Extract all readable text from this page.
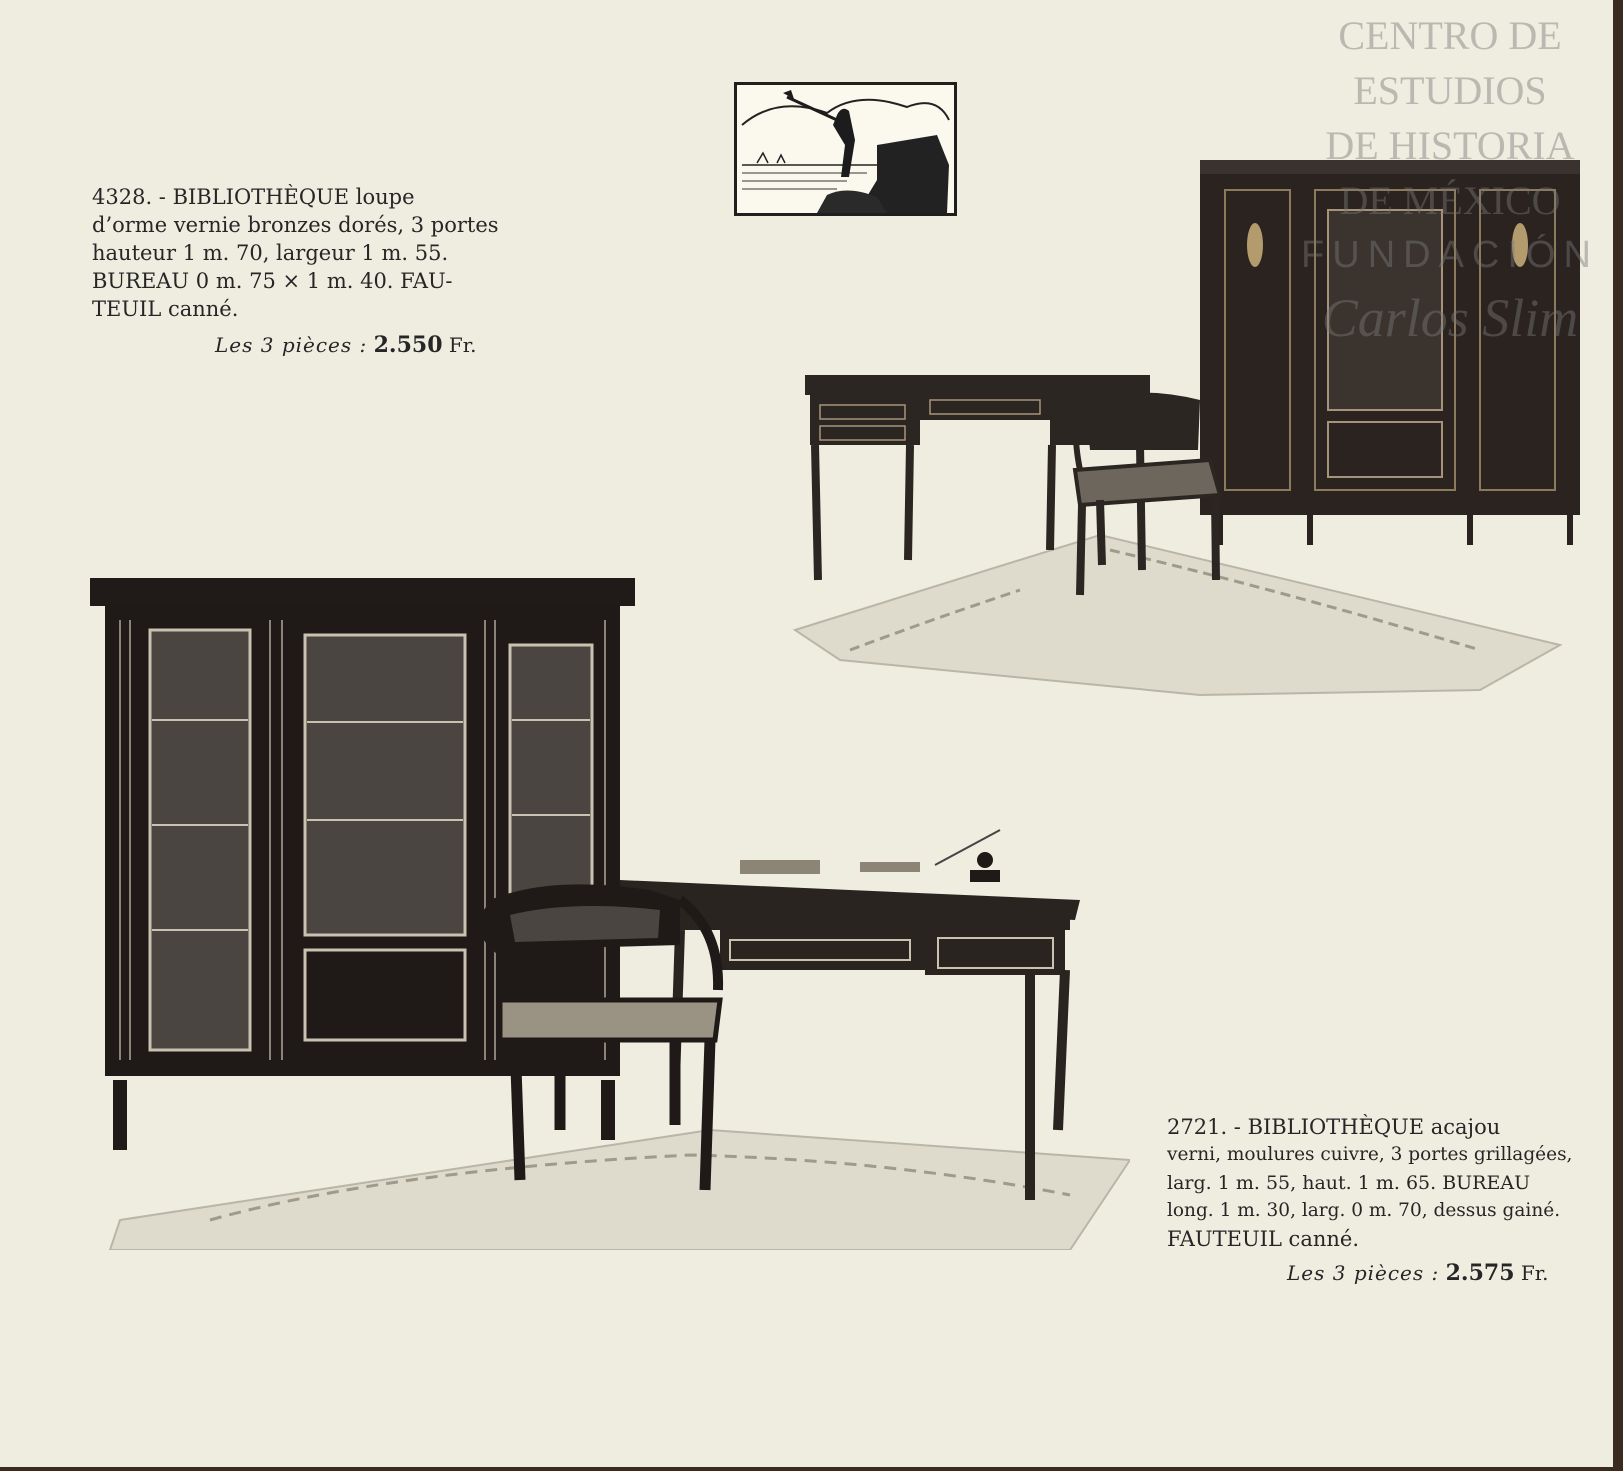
4328. - BIBLIOTHÈQUE loupe
d’orme vernie bronzes dorés, 3 portes
hauteur 1 m. 70, largeur 1 m. 55.
BUREAU 0 m. 75 × 1 m. 40. FAU-
TEUIL canné.
Les 3 pièces : 2.550 Fr.
2721. - BIBLIOTHÈQUE acajou
verni, moulures cuivre, 3 portes grillagées,
larg. 1 m. 55, haut. 1 m. 65. BUREAU
long. 1 m. 30, larg. 0 m. 70, dessus gainé.
FAUTEUIL canné.
Les 3 pièces : 2.575 Fr.
CENTRO DE
ESTUDIOS
DE HISTORIA
DE MÉXICO
FUNDACIÓN
Carlos Slim
